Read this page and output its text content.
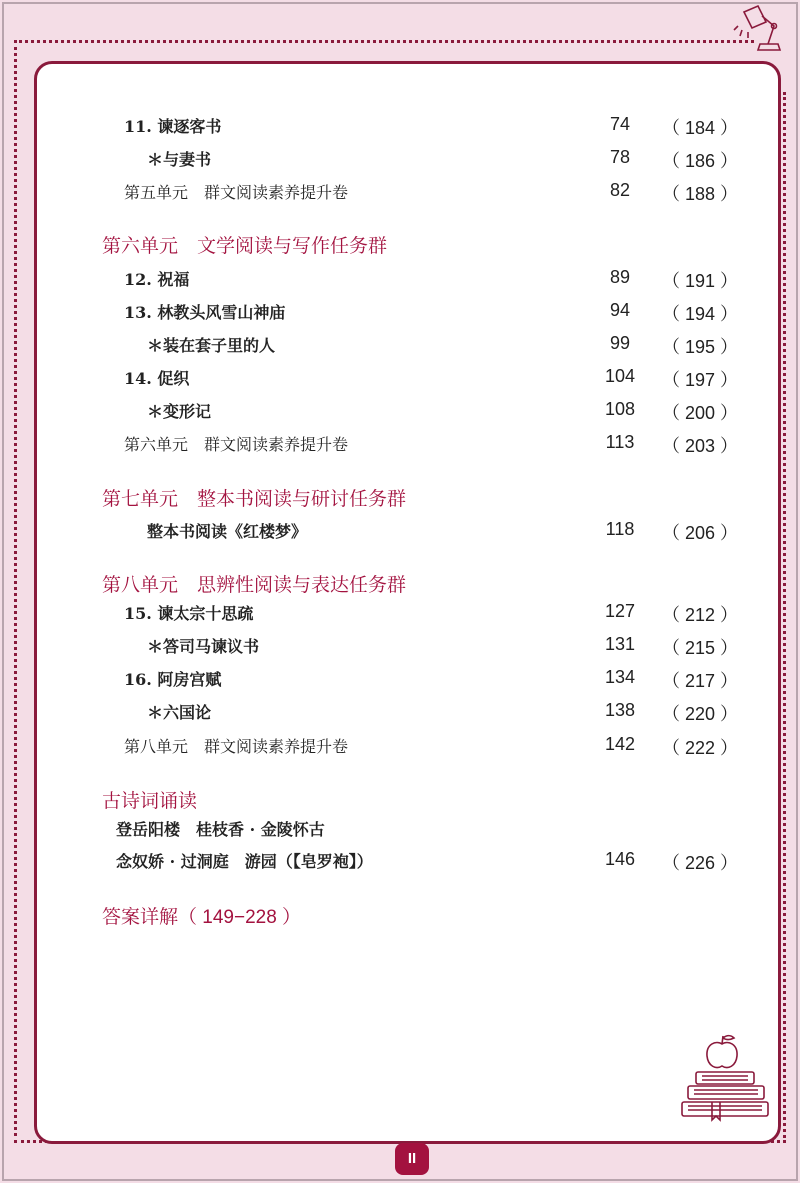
11. 谏逐客书	74	（ 184 ）
＊与妻书	78	（ 186 ）
第五单元　群文阅读素养提升卷	82	（ 188 ）
第六单元　文学阅读与写作任务群
12. 祝福	89	（ 191 ）
13. 林教头风雪山神庙	94	（ 194 ）
＊装在套子里的人	99	（ 195 ）
14. 促织	104	（ 197 ）
＊变形记	108	（ 200 ）
第六单元　群文阅读素养提升卷	113	（ 203 ）
第七单元　整本书阅读与研讨任务群
整本书阅读《红楼梦》	118	（ 206 ）
第八单元　思辨性阅读与表达任务群
15. 谏太宗十思疏	127	（ 212 ）
＊答司马谏议书	131	（ 215 ）
16. 阿房宫赋	134	（ 217 ）
＊六国论	138	（ 220 ）
第八单元　群文阅读素养提升卷	142	（ 222 ）
古诗词诵读
登岳阳楼　桂枝香 · 金陵怀古
念奴娇 · 过洞庭　游园（【皂罗袍】）	146	（ 226 ）
答案详解（ 149−228 ）
II
